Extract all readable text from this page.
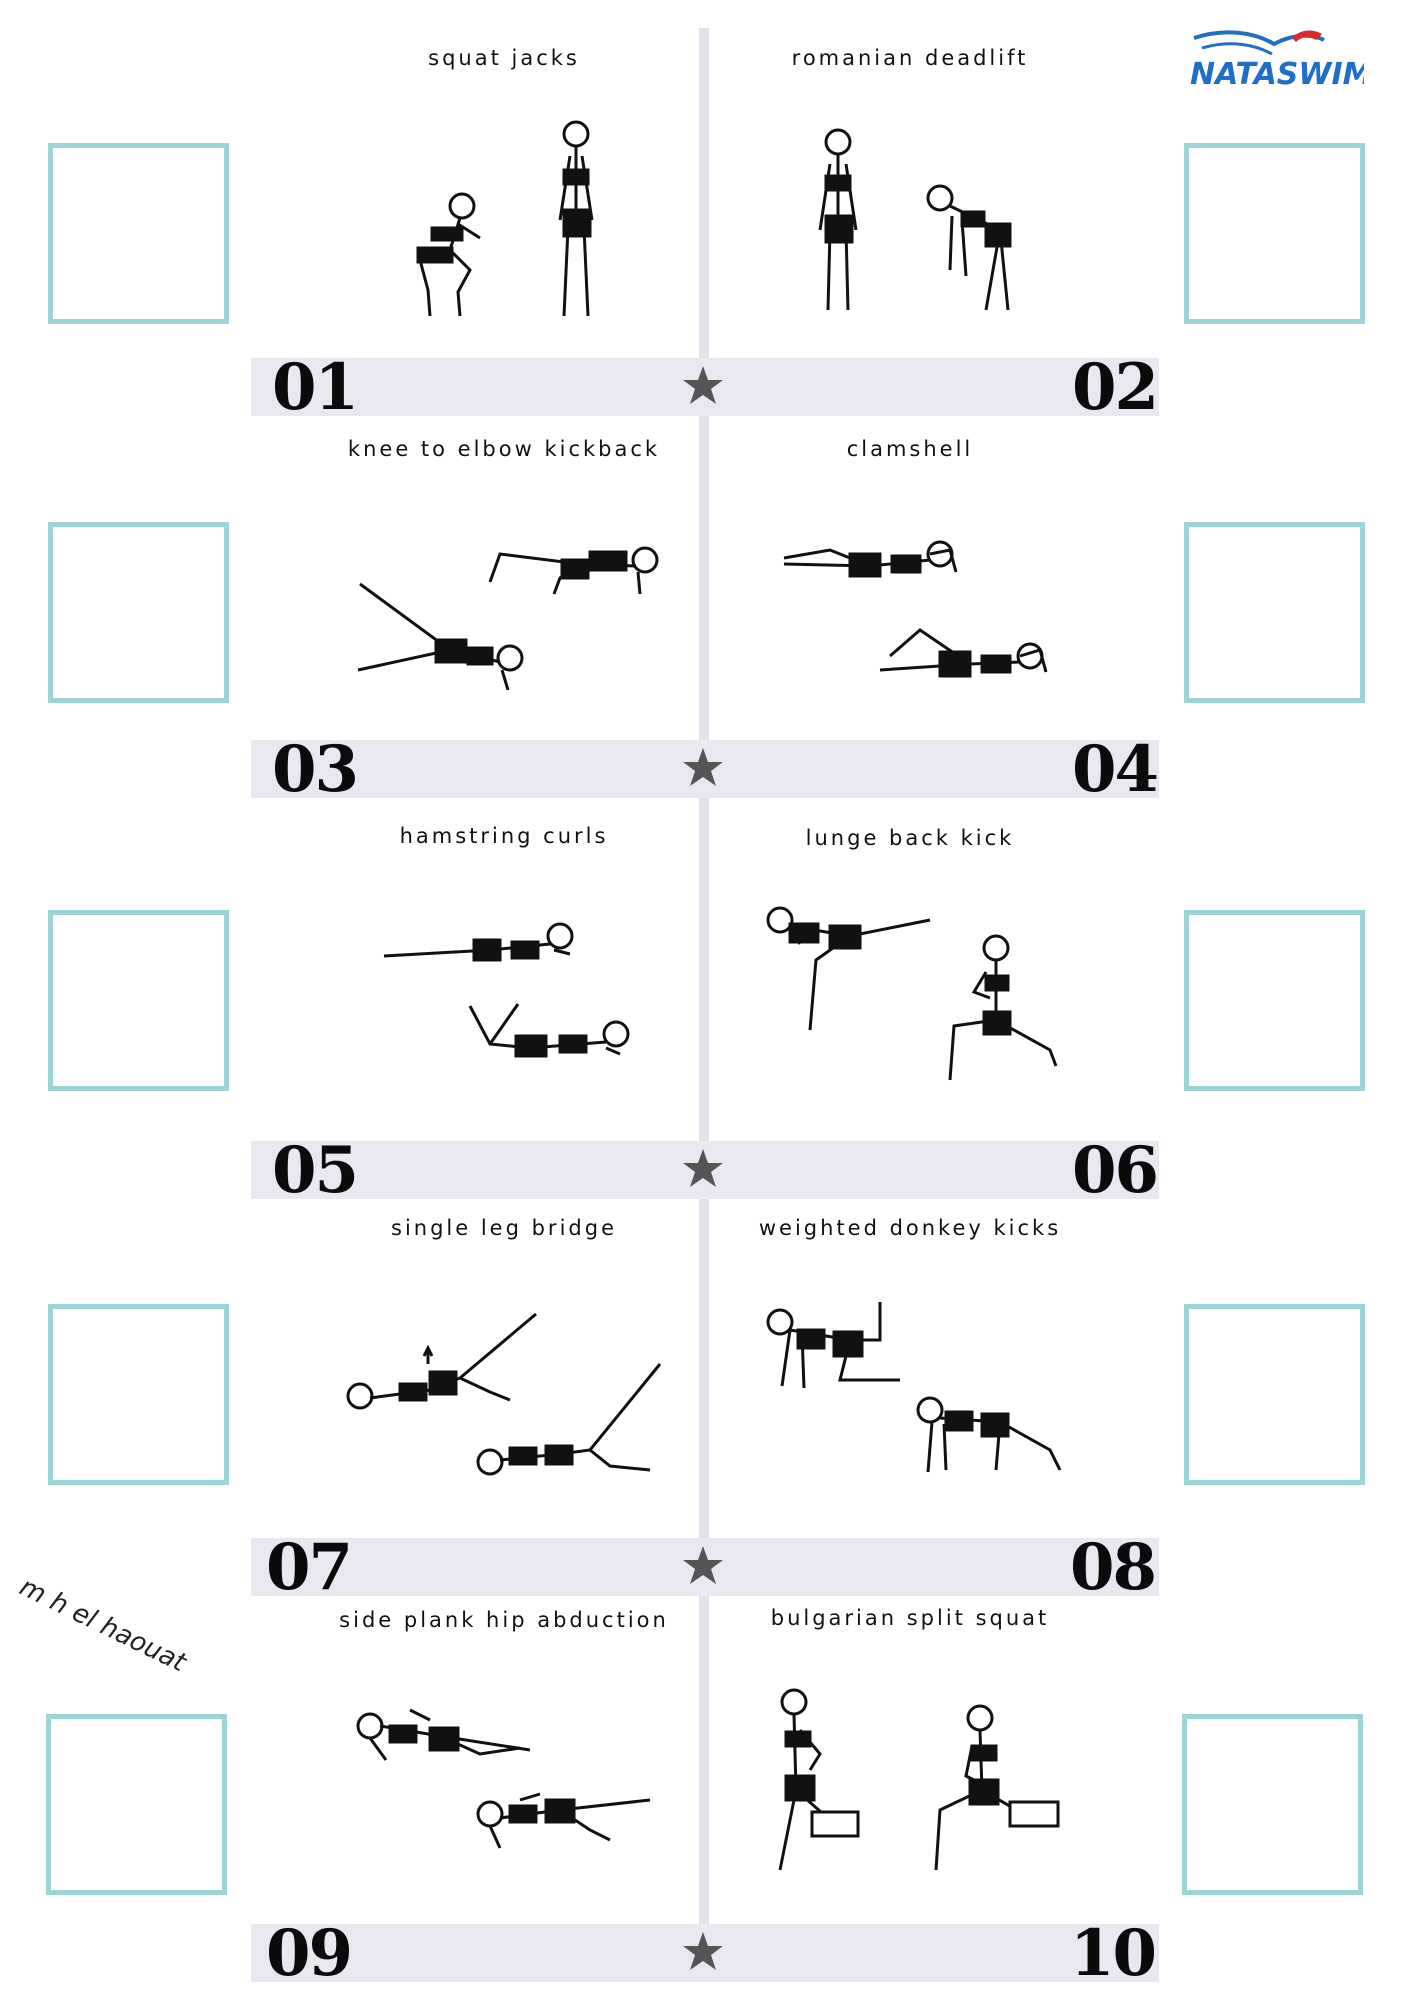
NATASWIM
squat jacks	romanian deadlift
01	02
knee to elbow kickback	clamshell
03	04
hamstring curls	lunge back kick
05	06
single leg bridge	weighted donkey kicks
07	08
m h el haouat	side plank hip abduction	bulgarian split squat
09	10
